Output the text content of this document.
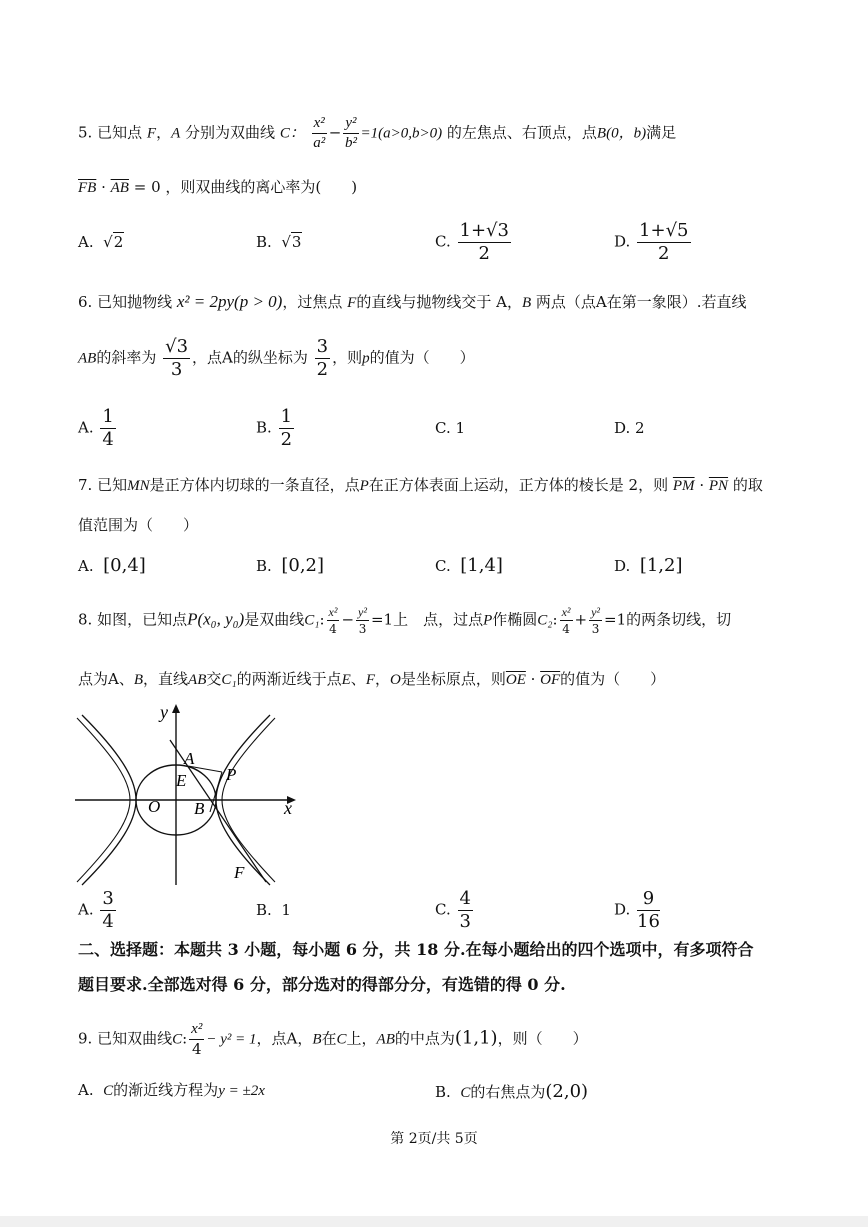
5. 已知点 F，A 分别为双曲线 C： $\frac{\text{x²}}{\text{a²}} - \frac{\text{y²}}{\text{b²}} =1(a>0,b>0)$ 的左焦点、右顶点，点B(0，b)满足
$\overline{FB} \cdot \overline{AB} = 0$ ，则双曲线的离心率为(　　)
A.  √2	B.  √3	C. $\frac{1+√3}{2}$	D. $\frac{1+√5}{2}$
6. 已知抛物线 x² = 2py(p > 0)，过焦点 F的直线与抛物线交于 A，B 两点（点A在第一象限）.若直线
AB的斜率为 $\frac{√3}{3}$ ，点A的纵坐标为 $\frac{3}{2}$ ，则p的值为（　　）
A. $\frac{1}{4}$	B. $\frac{1}{2}$	C. 1	D. 2
7. 已知MN是正方体内切球的一条直径，点P在正方体表面上运动，正方体的棱长是 2，则 $\overline{PM} \cdot \overline{PN}$ 的取
值范围为（　　）
A. [0,4]	B. [0,2]	C. [1,4]	D. [1,2]
8. 如图，已知点P(x₀, y₀)是双曲线C₁: $\frac{\text{x²}}{4} - \frac{\text{y²}}{3} =1$上　点，过点P作椭圆C₂: $\frac{\text{x²}}{4} + \frac{\text{y²}}{3} =1$的两条切线，切
点为A、B，直线AB交C₁的两渐近线于点E、F，O是坐标原点，则$\overline{OE} \cdot \overline{OF}$的值为（　　）
y
x
O
A
E
B
P
F
A. $\frac{3}{4}$	B. 1	C. $\frac{4}{3}$	D. $\frac{9}{16}$
二、选择题：本题共 3 小题，每小题 6 分，共 18 分.在每小题给出的四个选项中，有多项符合
题目要求.全部选对得 6 分，部分选对的得部分分，有选错的得 0 分.
9. 已知双曲线C: $\frac{\text{x²}}{4} - y^2 = 1$，点A，B在C上，AB的中点为(1,1)，则（　　）
A. C的渐近线方程为y = ±2x	B. C的右焦点为(2,0)
第 2页/共 5页
